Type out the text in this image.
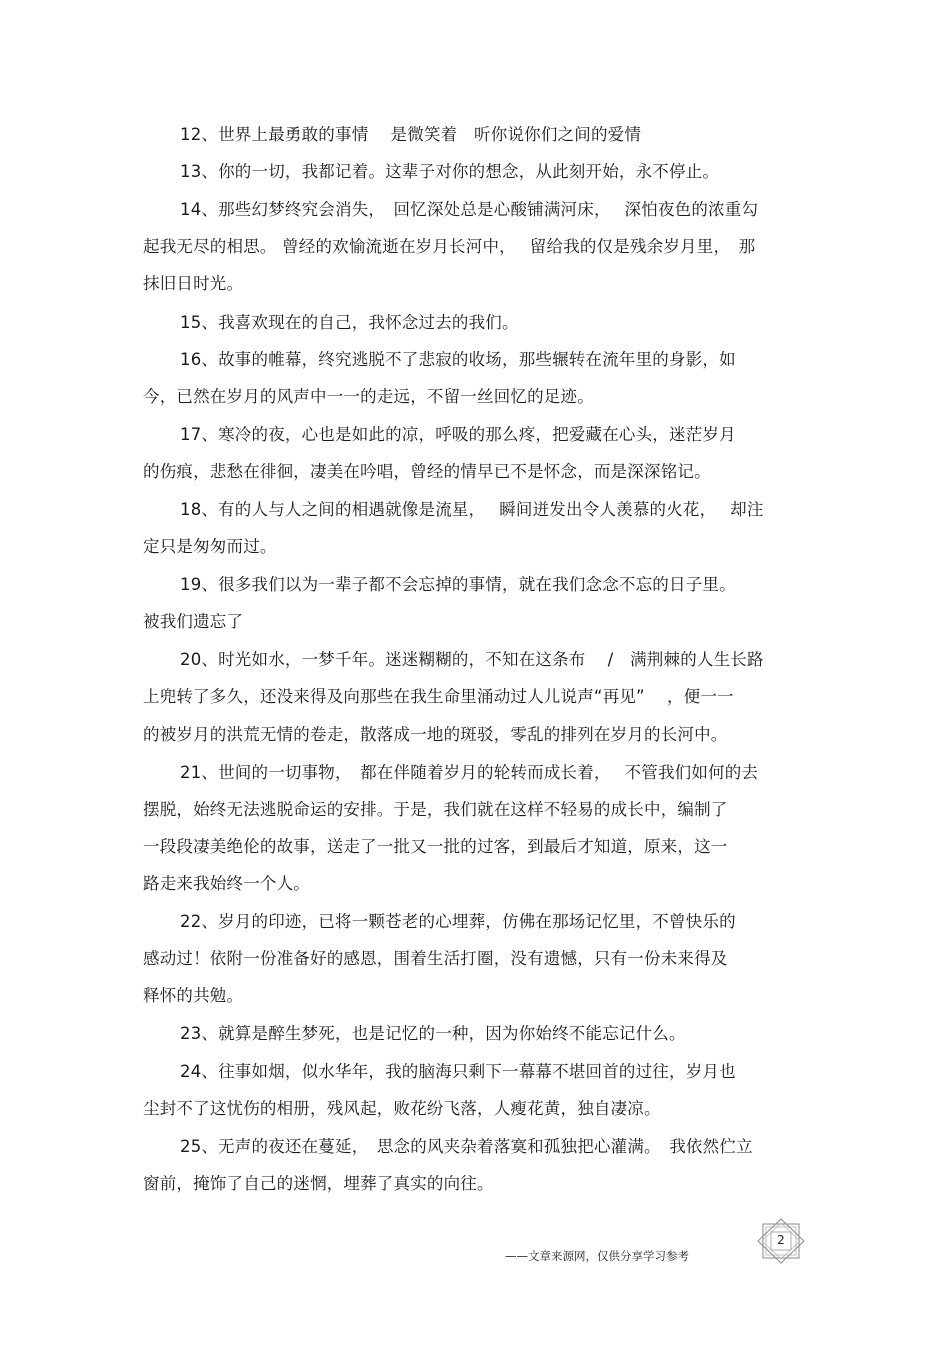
12、世界上最勇敢的事情　 是微笑着　听你说你们之间的爱情
13、你的一切，我都记着。这辈子对你的想念，从此刻开始，永不停止。
14、那些幻梦终究会消失，　回忆深处总是心酸铺满河床，　 深怕夜色的浓重勾
起我无尽的相思。 曾经的欢愉流逝在岁月长河中，　 留给我的仅是残余岁月里，　那
抹旧日时光。
15、我喜欢现在的自己，我怀念过去的我们。
16、故事的帷幕，终究逃脱不了悲寂的收场，那些辗转在流年里的身影，如
今，已然在岁月的风声中一一的走远，不留一丝回忆的足迹。
17、寒冷的夜，心也是如此的凉，呼吸的那么疼，把爱藏在心头，迷茫岁月
的伤痕，悲愁在徘徊，凄美在吟唱，曾经的情早已不是怀念，而是深深铭记。
18、有的人与人之间的相遇就像是流星，　 瞬间迸发出令人羡慕的火花，　 却注
定只是匆匆而过。
19、很多我们以为一辈子都不会忘掉的事情，就在我们念念不忘的日子里。
被我们遗忘了
20、时光如水，一梦千年。迷迷糊糊的，不知在这条布　 /　满荆棘的人生长路
上兜转了多久，还没来得及向那些在我生命里涌动过人儿说声“再见”　 ，便一一
的被岁月的洪荒无情的卷走，散落成一地的斑驳，零乱的排列在岁月的长河中。
21、世间的一切事物，　都在伴随着岁月的轮转而成长着，　 不管我们如何的去
摆脱，始终无法逃脱命运的安排。于是，我们就在这样不轻易的成长中，编制了
一段段凄美绝伦的故事，送走了一批又一批的过客，到最后才知道，原来，这一
路走来我始终一个人。
22、岁月的印迹，已将一颗苍老的心埋葬，仿佛在那场记忆里，不曾快乐的
感动过！依附一份准备好的感恩，围着生活打圈，没有遗憾，只有一份未来得及
释怀的共勉。
23、就算是醉生梦死，也是记忆的一种，因为你始终不能忘记什么。
24、往事如烟，似水华年，我的脑海只剩下一幕幕不堪回首的过往，岁月也
尘封不了这忧伤的相册，残风起，败花纷飞落，人瘦花黄，独自凄凉。
25、无声的夜还在蔓延，　思念的风夹杂着落寞和孤独把心灌满。　我依然伫立
窗前，掩饰了自己的迷惘，埋葬了真实的向往。
——文章来源网，仅供分享学习参考
2
